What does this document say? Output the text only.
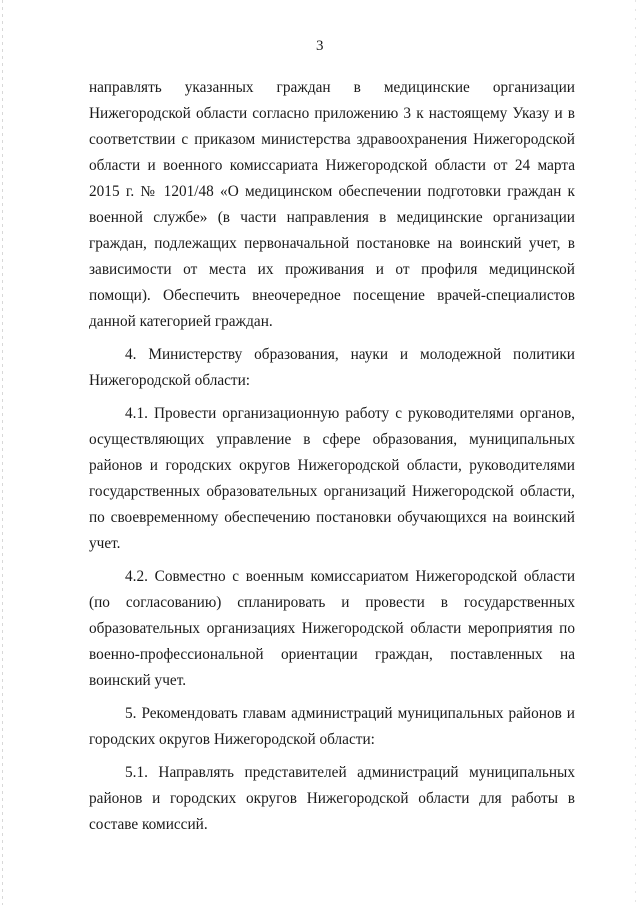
3

направлять указанных граждан в медицинские организации Нижегородской области согласно приложению 3 к настоящему Указу и в соответствии с приказом министерства здравоохранения Нижегородской области и военного комиссариата Нижегородской области от 24 марта 2015 г. № 1201/48 «О медицинском обеспечении подготовки граждан к военной службе» (в части направления в медицинские организации граждан, подлежащих первоначальной постановке на воинский учет, в зависимости от места их проживания и от профиля медицинской помощи). Обеспечить внеочередное посещение врачей-специалистов данной категорией граждан.

4. Министерству образования, науки и молодежной политики Нижегородской области:

4.1. Провести организационную работу с руководителями органов, осуществляющих управление в сфере образования, муниципальных районов и городских округов Нижегородской области, руководителями государственных образовательных организаций Нижегородской области, по своевременному обеспечению постановки обучающихся на воинский учет.

4.2. Совместно с военным комиссариатом Нижегородской области (по согласованию) спланировать и провести в государственных образовательных организациях Нижегородской области мероприятия по военно-профессиональной ориентации граждан, поставленных на воинский учет.

5. Рекомендовать главам администраций муниципальных районов и городских округов Нижегородской области:

5.1. Направлять представителей администраций муниципальных районов и городских округов Нижегородской области для работы в составе комиссий.
